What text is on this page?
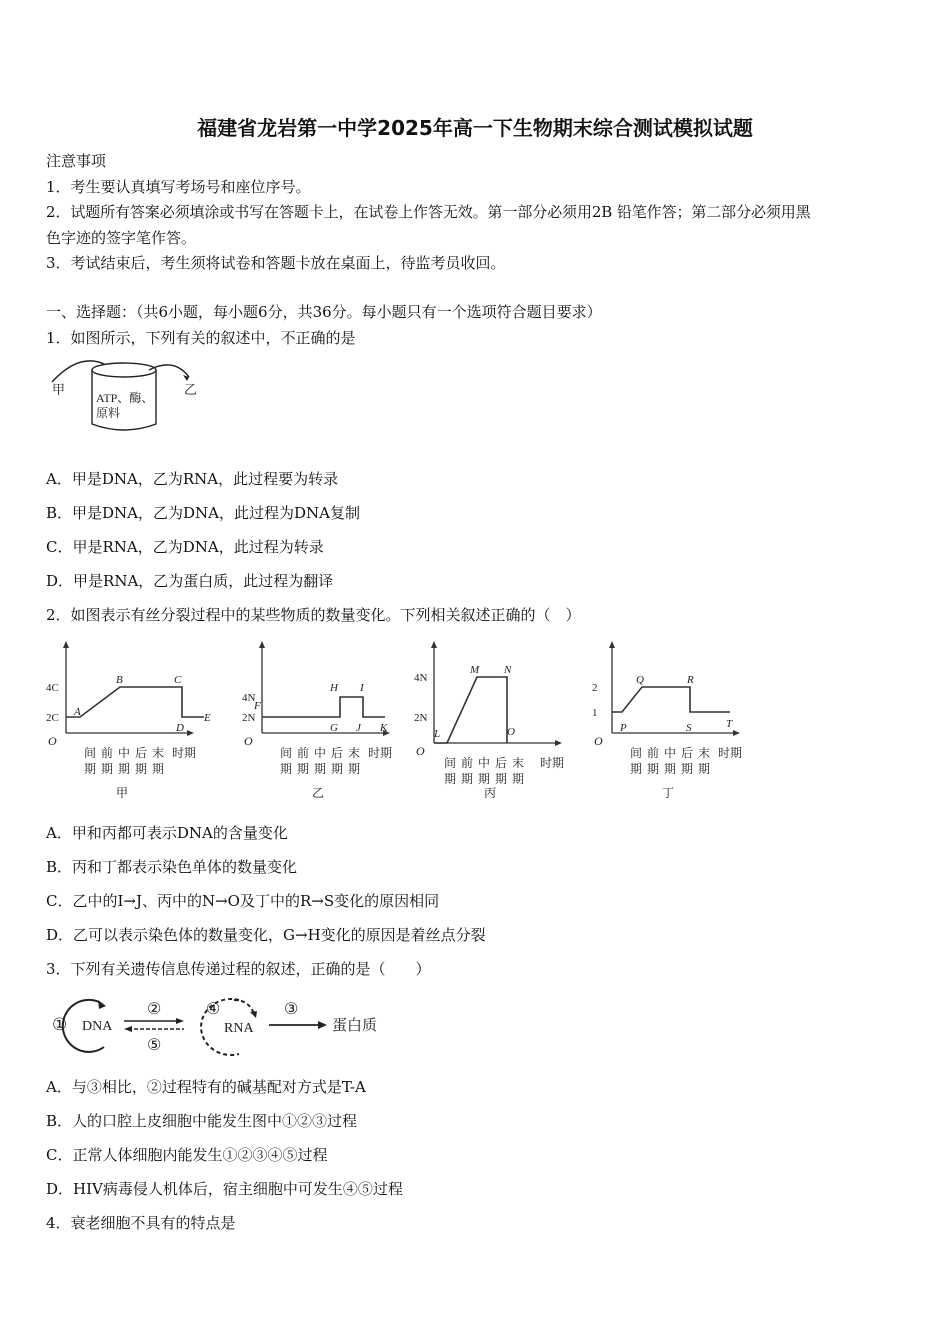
福建省龙岩第一中学2025年高一下生物期末综合测试模拟试题
注意事项
1．考生要认真填写考场号和座位序号。
2．试题所有答案必须填涂或书写在答题卡上，在试卷上作答无效。第一部分必须用2B 铅笔作答；第二部分必须用黑
色字迹的签字笔作答。
3．考试结束后，考生须将试卷和答题卡放在桌面上，待监考员收回。
一、选择题：（共6小题，每小题6分，共36分。每小题只有一个选项符合题目要求）
1．如图所示，下列有关的叙述中，不正确的是
甲	乙
ATP、酶、
原料
A．甲是DNA，乙为RNA，此过程要为转录
B．甲是DNA，乙为DNA，此过程为DNA复制
C．甲是RNA，乙为DNA，此过程为转录
D．甲是RNA，乙为蛋白质，此过程为翻译
2．如图表示有丝分裂过程中的某些物质的数量变化。下列相关叙述正确的（　）
O
2C
4C
A
B	C
D
E
间
期
前
期
中
期
后
期
末
期
时期
甲
O
2N
4N
F
G
H I
J K
间
期
前
期
中
期
后
期
末
期
时期
乙
O
2N
4N
L
M N
O
间
期
前
期
中
期
后
期
末
期
时期
丙
O
1
2
P
Q	R
S	T
间
期
前
期
中
期
后
期
末
期
时期
丁
A．甲和丙都可表示DNA的含量变化
B．丙和丁都表示染色单体的数量变化
C．乙中的I→J、丙中的N→O及丁中的R→S变化的原因相同
D．乙可以表示染色体的数量变化，G→H变化的原因是着丝点分裂
3．下列有关遗传信息传递过程的叙述，正确的是（　　）
① DNA
②
⑤
④
RNA
③
蛋白质
A．与③相比，②过程特有的碱基配对方式是T-A
B．人的口腔上皮细胞中能发生图中①②③过程
C．正常人体细胞内能发生①②③④⑤过程
D．HIV病毒侵人机体后，宿主细胞中可发生④⑤过程
4．衰老细胞不具有的特点是
